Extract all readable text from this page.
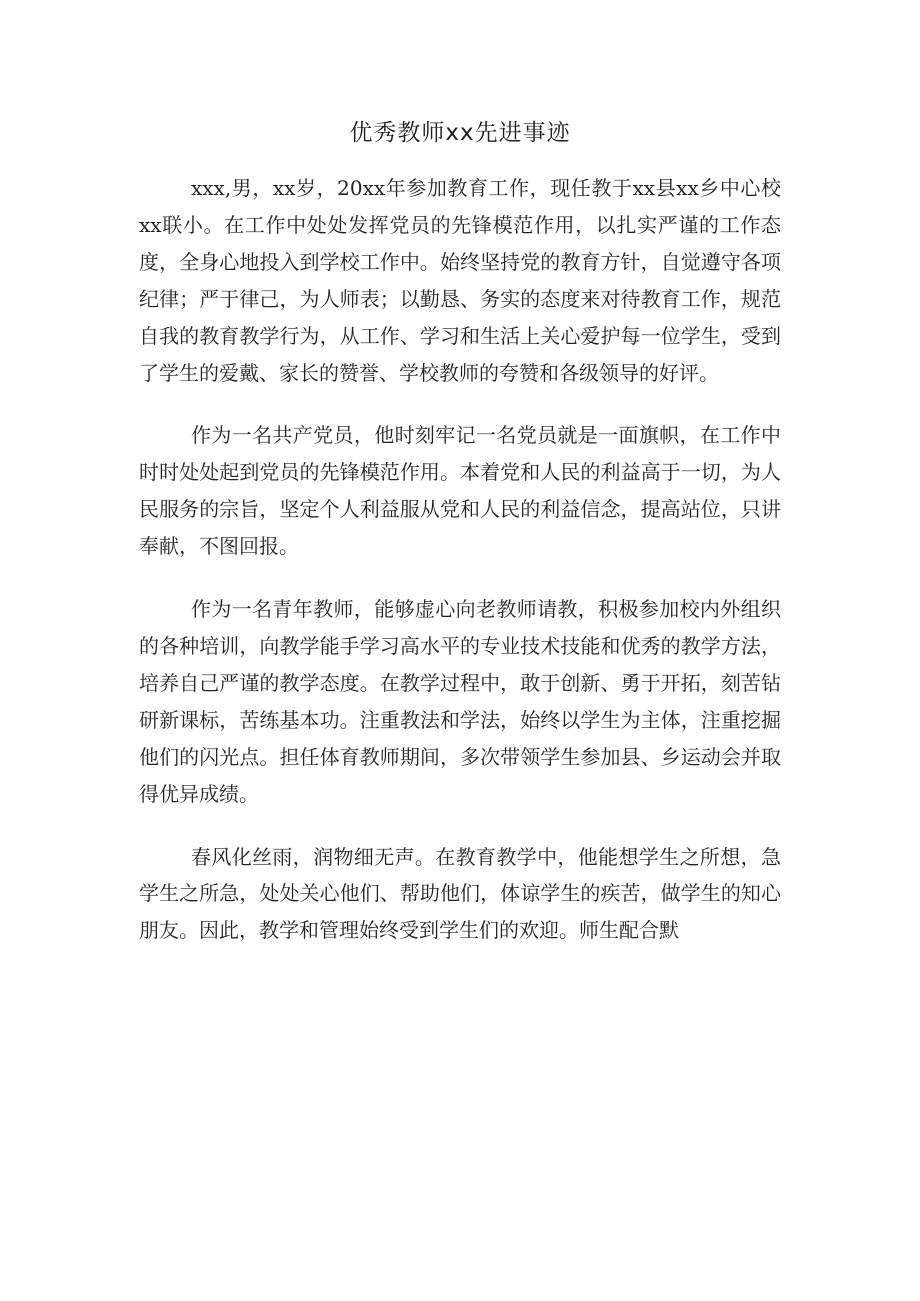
优秀教师xx先进事迹

xxx,男，xx岁，20xx年参加教育工作，现任教于xx县xx乡中心校xx联小。在工作中处处发挥党员的先锋模范作用，以扎实严谨的工作态度，全身心地投入到学校工作中。始终坚持党的教育方针，自觉遵守各项纪律；严于律己，为人师表；以勤恳、务实的态度来对待教育工作，规范自我的教育教学行为，从工作、学习和生活上关心爱护每一位学生，受到了学生的爱戴、家长的赞誉、学校教师的夸赞和各级领导的好评。

作为一名共产党员，他时刻牢记一名党员就是一面旗帜，在工作中时时处处起到党员的先锋模范作用。本着党和人民的利益高于一切，为人民服务的宗旨，坚定个人利益服从党和人民的利益信念，提高站位，只讲奉献，不图回报。

作为一名青年教师，能够虚心向老教师请教，积极参加校内外组织的各种培训，向教学能手学习高水平的专业技术技能和优秀的教学方法，培养自己严谨的教学态度。在教学过程中，敢于创新、勇于开拓，刻苦钻研新课标，苦练基本功。注重教法和学法，始终以学生为主体，注重挖掘他们的闪光点。担任体育教师期间，多次带领学生参加县、乡运动会并取得优异成绩。

春风化丝雨，润物细无声。在教育教学中，他能想学生之所想，急学生之所急，处处关心他们、帮助他们，体谅学生的疾苦，做学生的知心朋友。因此，教学和管理始终受到学生们的欢迎。师生配合默
